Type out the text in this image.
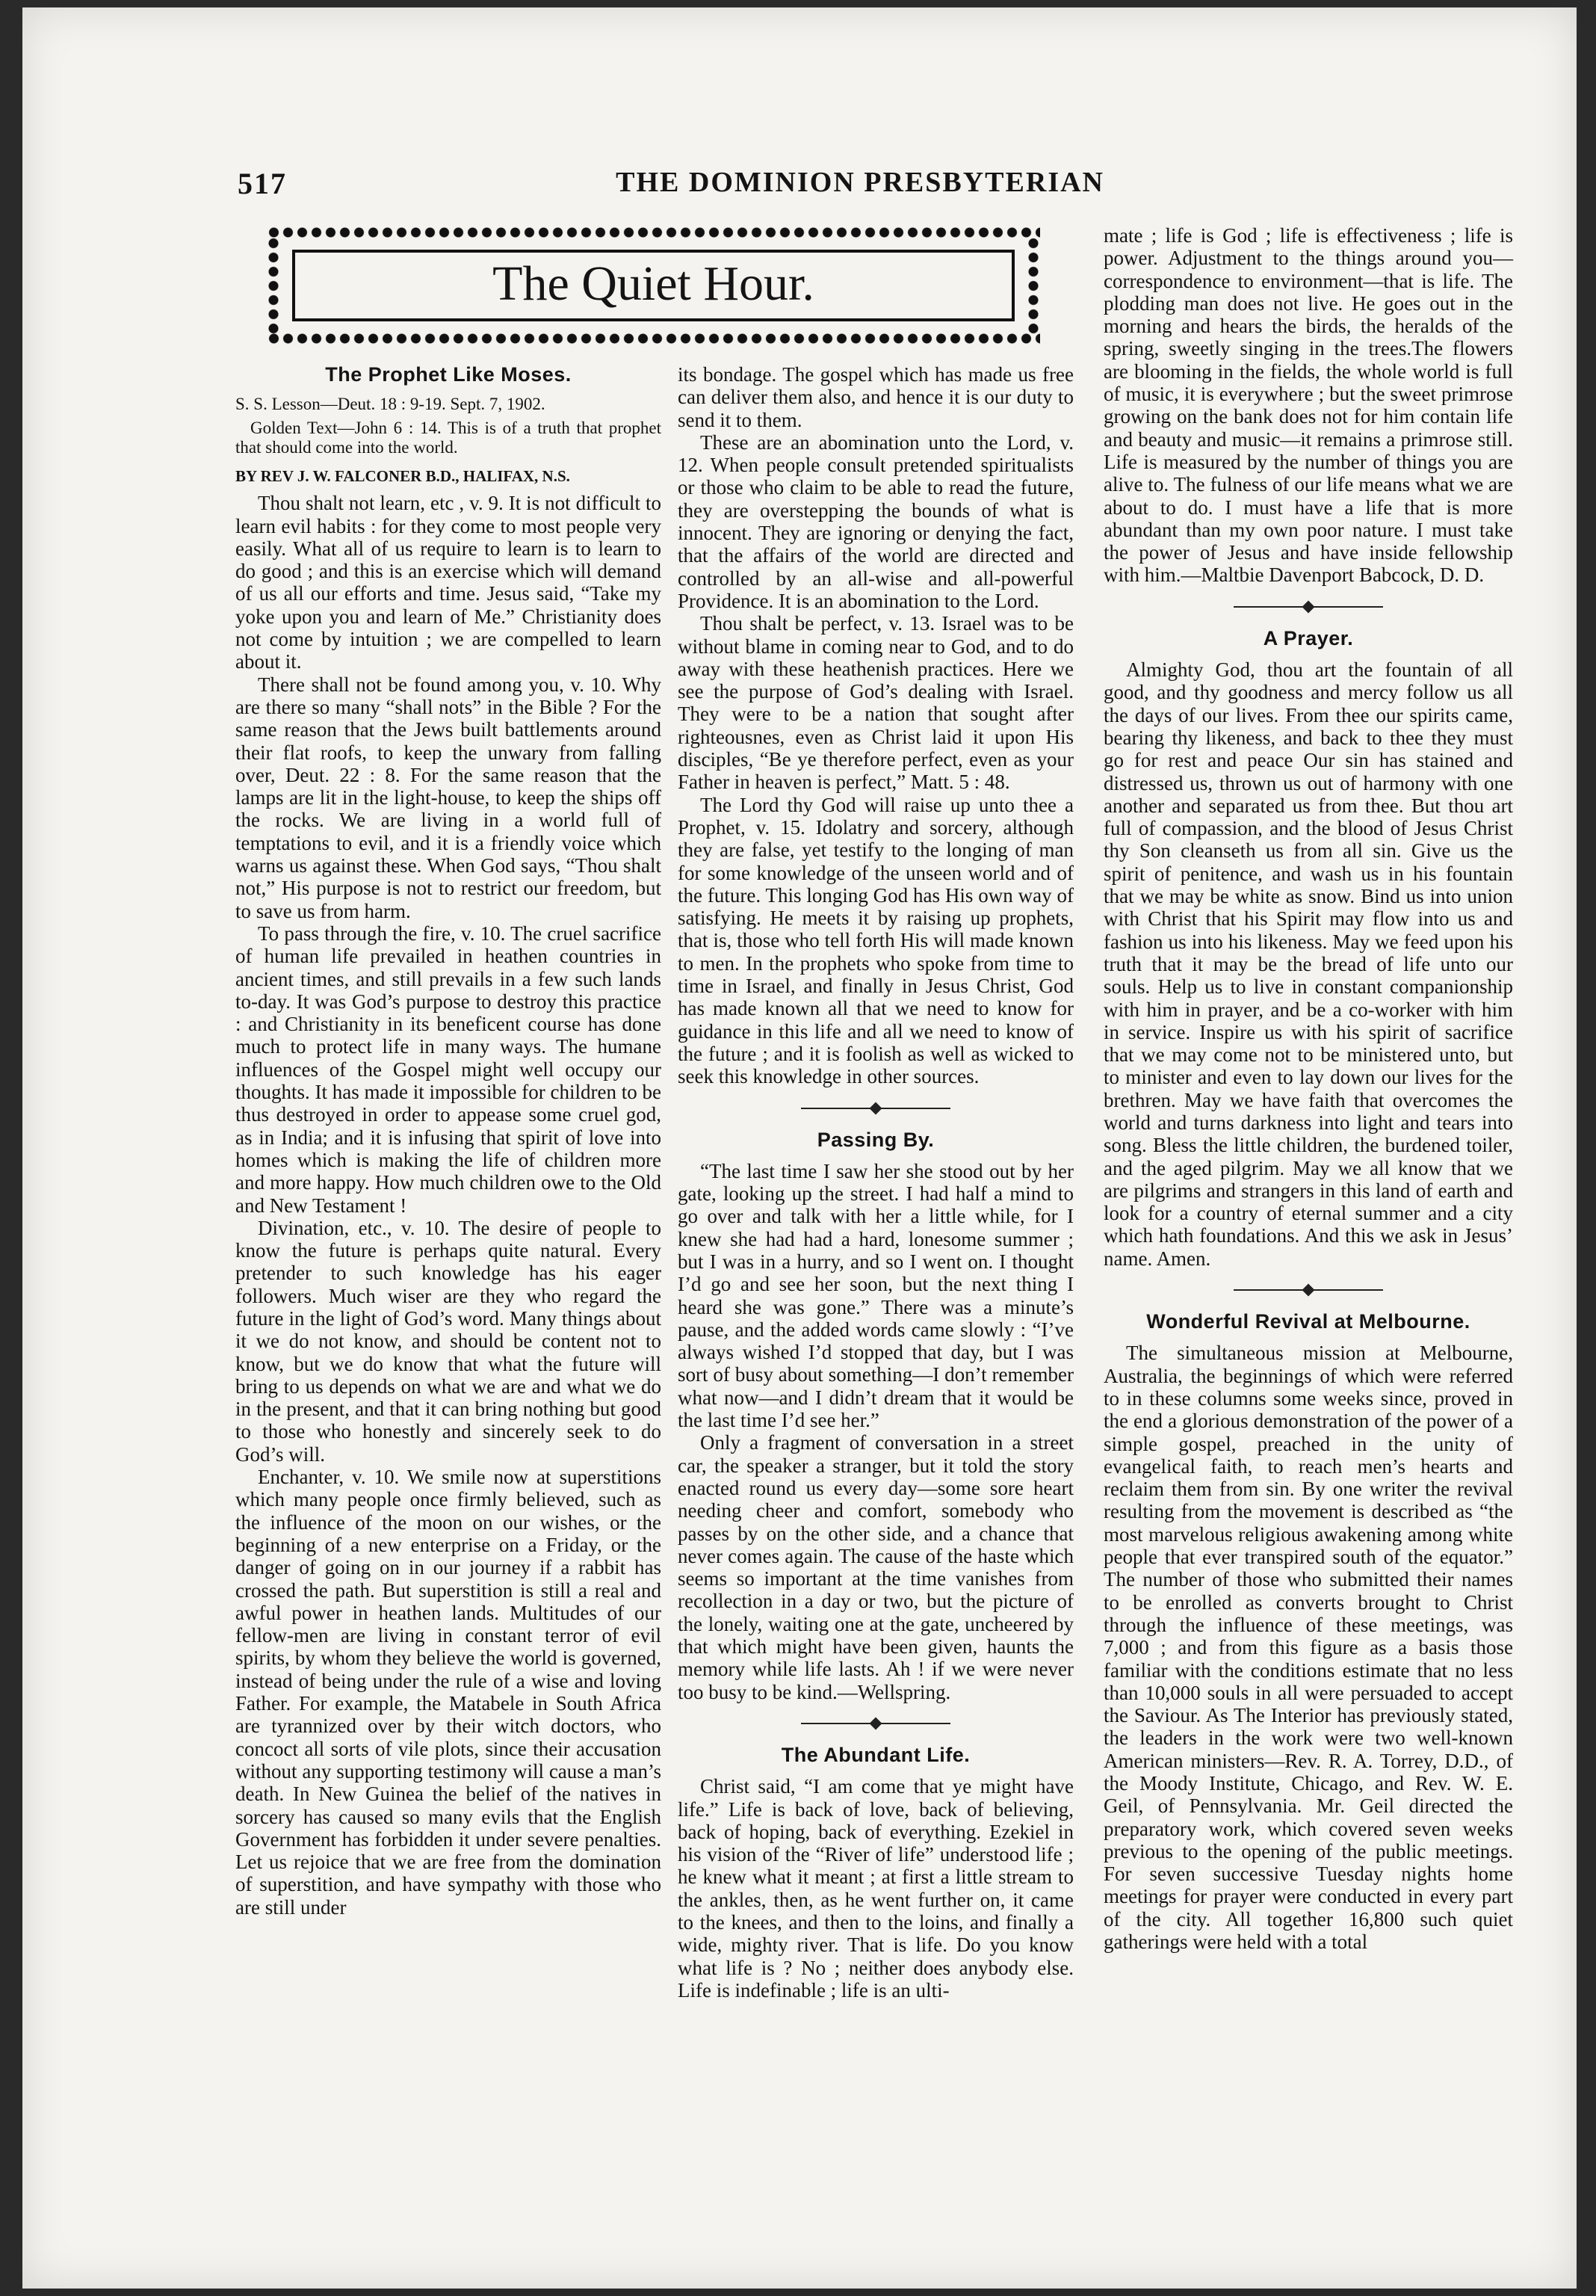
517	THE DOMINION PRESBYTERIAN
The Quiet Hour.
The Prophet Like Moses.

S. S. Lesson—Deut. 18 : 9-19. Sept. 7, 1902.

Golden Text—John 6 : 14. This is of a truth that prophet that should come into the world.

BY REV J. W. FALCONER B.D., HALIFAX, N.S.

Thou shalt not learn, etc , v. 9. It is not difficult to learn evil habits : for they come to most people very easily. What all of us require to learn is to learn to do good ; and this is an exercise which will demand of us all our efforts and time. Jesus said, “Take my yoke upon you and learn of Me.” Christianity does not come by intuition ; we are compelled to learn about it.

There shall not be found among you, v. 10. Why are there so many “shall nots” in the Bible ? For the same reason that the Jews built battlements around their flat roofs, to keep the unwary from falling over, Deut. 22 : 8. For the same reason that the lamps are lit in the light-house, to keep the ships off the rocks. We are living in a world full of temptations to evil, and it is a friendly voice which warns us against these. When God says, “Thou shalt not,” His purpose is not to restrict our freedom, but to save us from harm.

To pass through the fire, v. 10. The cruel sacrifice of human life prevailed in heathen countries in ancient times, and still prevails in a few such lands to-day. It was God’s purpose to destroy this practice : and Christianity in its beneficent course has done much to protect life in many ways. The humane influences of the Gospel might well occupy our thoughts. It has made it impossible for children to be thus destroyed in order to appease some cruel god, as in India; and it is infusing that spirit of love into homes which is making the life of children more and more happy. How much children owe to the Old and New Testament !

Divination, etc., v. 10. The desire of people to know the future is perhaps quite natural. Every pretender to such knowledge has his eager followers. Much wiser are they who regard the future in the light of God’s word. Many things about it we do not know, and should be content not to know, but we do know that what the future will bring to us depends on what we are and what we do in the present, and that it can bring nothing but good to those who honestly and sincerely seek to do God’s will.

Enchanter, v. 10. We smile now at superstitions which many people once firmly believed, such as the influence of the moon on our wishes, or the beginning of a new enterprise on a Friday, or the danger of going on in our journey if a rabbit has crossed the path. But superstition is still a real and awful power in heathen lands. Multitudes of our fellow-men are living in constant terror of evil spirits, by whom they believe the world is governed, instead of being under the rule of a wise and loving Father. For example, the Matabele in South Africa are tyrannized over by their witch doctors, who concoct all sorts of vile plots, since their accusation without any supporting testimony will cause a man’s death. In New Guinea the belief of the natives in sorcery has caused so many evils that the English Government has forbidden it under severe penalties. Let us rejoice that we are free from the domination of superstition, and have sympathy with those who are still under

its bondage. The gospel which has made us free can deliver them also, and hence it is our duty to send it to them.

These are an abomination unto the Lord, v. 12. When people consult pretended spiritualists or those who claim to be able to read the future, they are overstepping the bounds of what is innocent. They are ignoring or denying the fact, that the affairs of the world are directed and controlled by an all-wise and all-powerful Providence. It is an abomination to the Lord.

Thou shalt be perfect, v. 13. Israel was to be without blame in coming near to God, and to do away with these heathenish practices. Here we see the purpose of God’s dealing with Israel. They were to be a nation that sought after righteousnes, even as Christ laid it upon His disciples, “Be ye therefore perfect, even as your Father in heaven is perfect,” Matt. 5 : 48.

The Lord thy God will raise up unto thee a Prophet, v. 15. Idolatry and sorcery, although they are false, yet testify to the longing of man for some knowledge of the unseen world and of the future. This longing God has His own way of satisfying. He meets it by raising up prophets, that is, those who tell forth His will made known to men. In the prophets who spoke from time to time in Israel, and finally in Jesus Christ, God has made known all that we need to know for guidance in this life and all we need to know of the future ; and it is foolish as well as wicked to seek this knowledge in other sources.

Passing By.

“The last time I saw her she stood out by her gate, looking up the street. I had half a mind to go over and talk with her a little while, for I knew she had had a hard, lonesome summer ; but I was in a hurry, and so I went on. I thought I’d go and see her soon, but the next thing I heard she was gone.” There was a minute’s pause, and the added words came slowly : “I’ve always wished I’d stopped that day, but I was sort of busy about something—I don’t remember what now—and I didn’t dream that it would be the last time I’d see her.”

Only a fragment of conversation in a street car, the speaker a stranger, but it told the story enacted round us every day—some sore heart needing cheer and comfort, somebody who passes by on the other side, and a chance that never comes again. The cause of the haste which seems so important at the time vanishes from recollection in a day or two, but the picture of the lonely, waiting one at the gate, uncheered by that which might have been given, haunts the memory while life lasts. Ah ! if we were never too busy to be kind.—Wellspring.

The Abundant Life.

Christ said, “I am come that ye might have life.” Life is back of love, back of believing, back of hoping, back of everything. Ezekiel in his vision of the “River of life” understood life ; he knew what it meant ; at first a little stream to the ankles, then, as he went further on, it came to the knees, and then to the loins, and finally a wide, mighty river. That is life. Do you know what life is ? No ; neither does anybody else. Life is indefinable ; life is an ulti-

mate ; life is God ; life is effectiveness ; life is power. Adjustment to the things around you—correspondence to environment—that is life. The plodding man does not live. He goes out in the morning and hears the birds, the heralds of the spring, sweetly singing in the trees.The flowers are blooming in the fields, the whole world is full of music, it is everywhere ; but the sweet primrose growing on the bank does not for him contain life and beauty and music—it remains a primrose still. Life is measured by the number of things you are alive to. The fulness of our life means what we are about to do. I must have a life that is more abundant than my own poor nature. I must take the power of Jesus and have inside fellowship with him.—Maltbie Davenport Babcock, D. D.

A Prayer.

Almighty God, thou art the fountain of all good, and thy goodness and mercy follow us all the days of our lives. From thee our spirits came, bearing thy likeness, and back to thee they must go for rest and peace Our sin has stained and distressed us, thrown us out of harmony with one another and separated us from thee. But thou art full of compassion, and the blood of Jesus Christ thy Son cleanseth us from all sin. Give us the spirit of penitence, and wash us in his fountain that we may be white as snow. Bind us into union with Christ that his Spirit may flow into us and fashion us into his likeness. May we feed upon his truth that it may be the bread of life unto our souls. Help us to live in constant companionship with him in prayer, and be a co-worker with him in service. Inspire us with his spirit of sacrifice that we may come not to be ministered unto, but to minister and even to lay down our lives for the brethren. May we have faith that overcomes the world and turns darkness into light and tears into song. Bless the little children, the burdened toiler, and the aged pilgrim. May we all know that we are pilgrims and strangers in this land of earth and look for a country of eternal summer and a city which hath foundations. And this we ask in Jesus’ name. Amen.

Wonderful Revival at Melbourne.

The simultaneous mission at Melbourne, Australia, the beginnings of which were referred to in these columns some weeks since, proved in the end a glorious demonstration of the power of a simple gospel, preached in the unity of evangelical faith, to reach men’s hearts and reclaim them from sin. By one writer the revival resulting from the movement is described as “the most marvelous religious awakening among white people that ever transpired south of the equator.” The number of those who submitted their names to be enrolled as converts brought to Christ through the influence of these meetings, was 7,000 ; and from this figure as a basis those familiar with the conditions estimate that no less than 10,000 souls in all were persuaded to accept the Saviour. As The Interior has previously stated, the leaders in the work were two well-known American ministers—Rev. R. A. Torrey, D.D., of the Moody Institute, Chicago, and Rev. W. E. Geil, of Pennsylvania. Mr. Geil directed the preparatory work, which covered seven weeks previous to the opening of the public meetings. For seven successive Tuesday nights home meetings for prayer were conducted in every part of the city. All together 16,800 such quiet gatherings were held with a total
